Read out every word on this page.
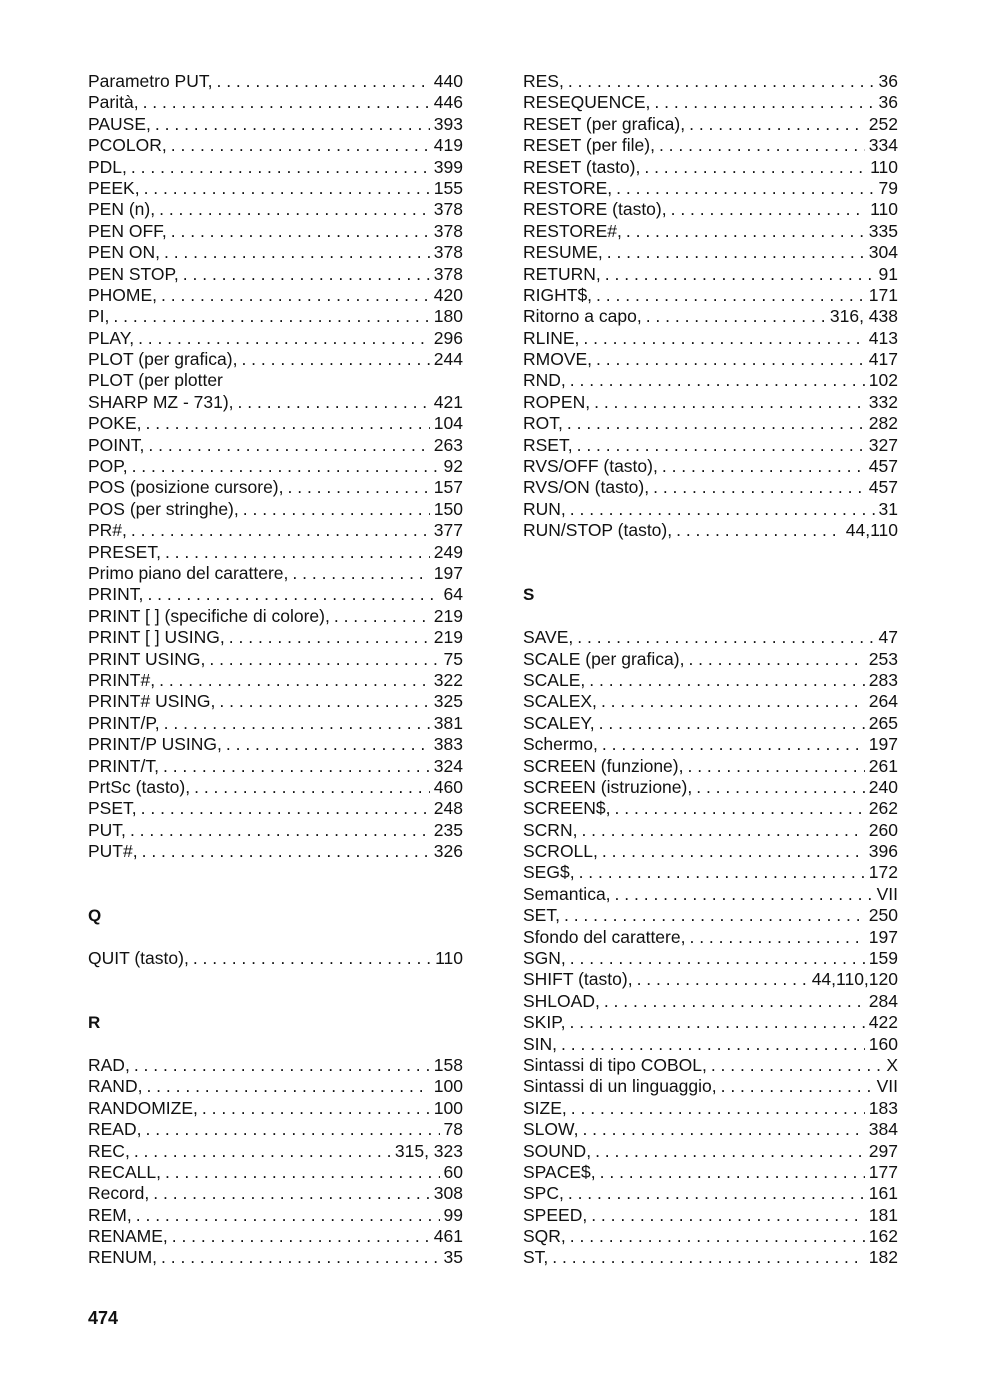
Parametro PUT, . . .	440
Parità, . . .	446
PAUSE, . . .	393
PCOLOR, . . .	419
PDL, . . .	399
PEEK, . . .	155
PEN (n), . . .	378
PEN OFF, . . .	378
PEN ON, . . .	378
PEN STOP, . . .	378
PHOME, . . .	420
PI, . . .	180
PLAY, . . .	296
PLOT (per grafica), . . .	244
PLOT (per plotter
SHARP MZ - 731), . . .	421
POKE, . . .	104
POINT, . . .	263
POP, . . .	92
POS (posizione cursore), . . .	157
POS (per stringhe), . . .	150
PR#, . . .	377
PRESET, . . .	249
Primo piano del carattere, . . .	197
PRINT, . . .	64
PRINT [ ] (specifiche di colore), . . .	219
PRINT [ ] USING, . . .	219
PRINT USING, . . .	75
PRINT#, . . .	322
PRINT# USING, . . .	325
PRINT/P, . . .	381
PRINT/P USING, . . .	383
PRINT/T, . . .	324
PrtSc (tasto), . . .	460
PSET, . . .	248
PUT, . . .	235
PUT#, . . .	326
Q
QUIT (tasto), . . .	110
R
RAD, . . .	158
RAND, . . .	100
RANDOMIZE, . . .	100
READ, . . .	78
REC, . . .	315, 323
RECALL, . . .	60
Record, . . .	308
REM, . . .	99
RENAME, . . .	461
RENUM, . . .	35
RES, . . .	36
RESEQUENCE, . . .	36
RESET (per grafica), . . .	252
RESET (per file), . . .	334
RESET (tasto), . . .	110
RESTORE, . . .	79
RESTORE (tasto), . . .	110
RESTORE#, . . .	335
RESUME, . . .	304
RETURN, . . .	91
RIGHT$, . . .	171
Ritorno a capo, . . .	316, 438
RLINE, . . .	413
RMOVE, . . .	417
RND, . . .	102
ROPEN, . . .	332
ROT, . . .	282
RSET, . . .	327
RVS/OFF (tasto), . . .	457
RVS/ON (tasto), . . .	457
RUN, . . .	31
RUN/STOP (tasto), . . .	44,110
S
SAVE, . . .	47
SCALE (per grafica), . . .	253
SCALE, . . .	283
SCALEX, . . .	264
SCALEY, . . .	265
Schermo, . . .	197
SCREEN (funzione), . . .	261
SCREEN (istruzione), . . .	240
SCREEN$, . . .	262
SCRN, . . .	260
SCROLL, . . .	396
SEG$, . . .	172
Semantica, . . .	VII
SET, . . .	250
Sfondo del carattere, . . .	197
SGN, . . .	159
SHIFT (tasto), . . .	44,110,120
SHLOAD, . . .	284
SKIP, . . .	422
SIN, . . .	160
Sintassi di tipo COBOL, . . .	X
Sintassi di un linguaggio, . . .	VII
SIZE, . . .	183
SLOW, . . .	384
SOUND, . . .	297
SPACE$, . . .	177
SPC, . . .	161
SPEED, . . .	181
SQR, . . .	162
ST, . . .	182
474
